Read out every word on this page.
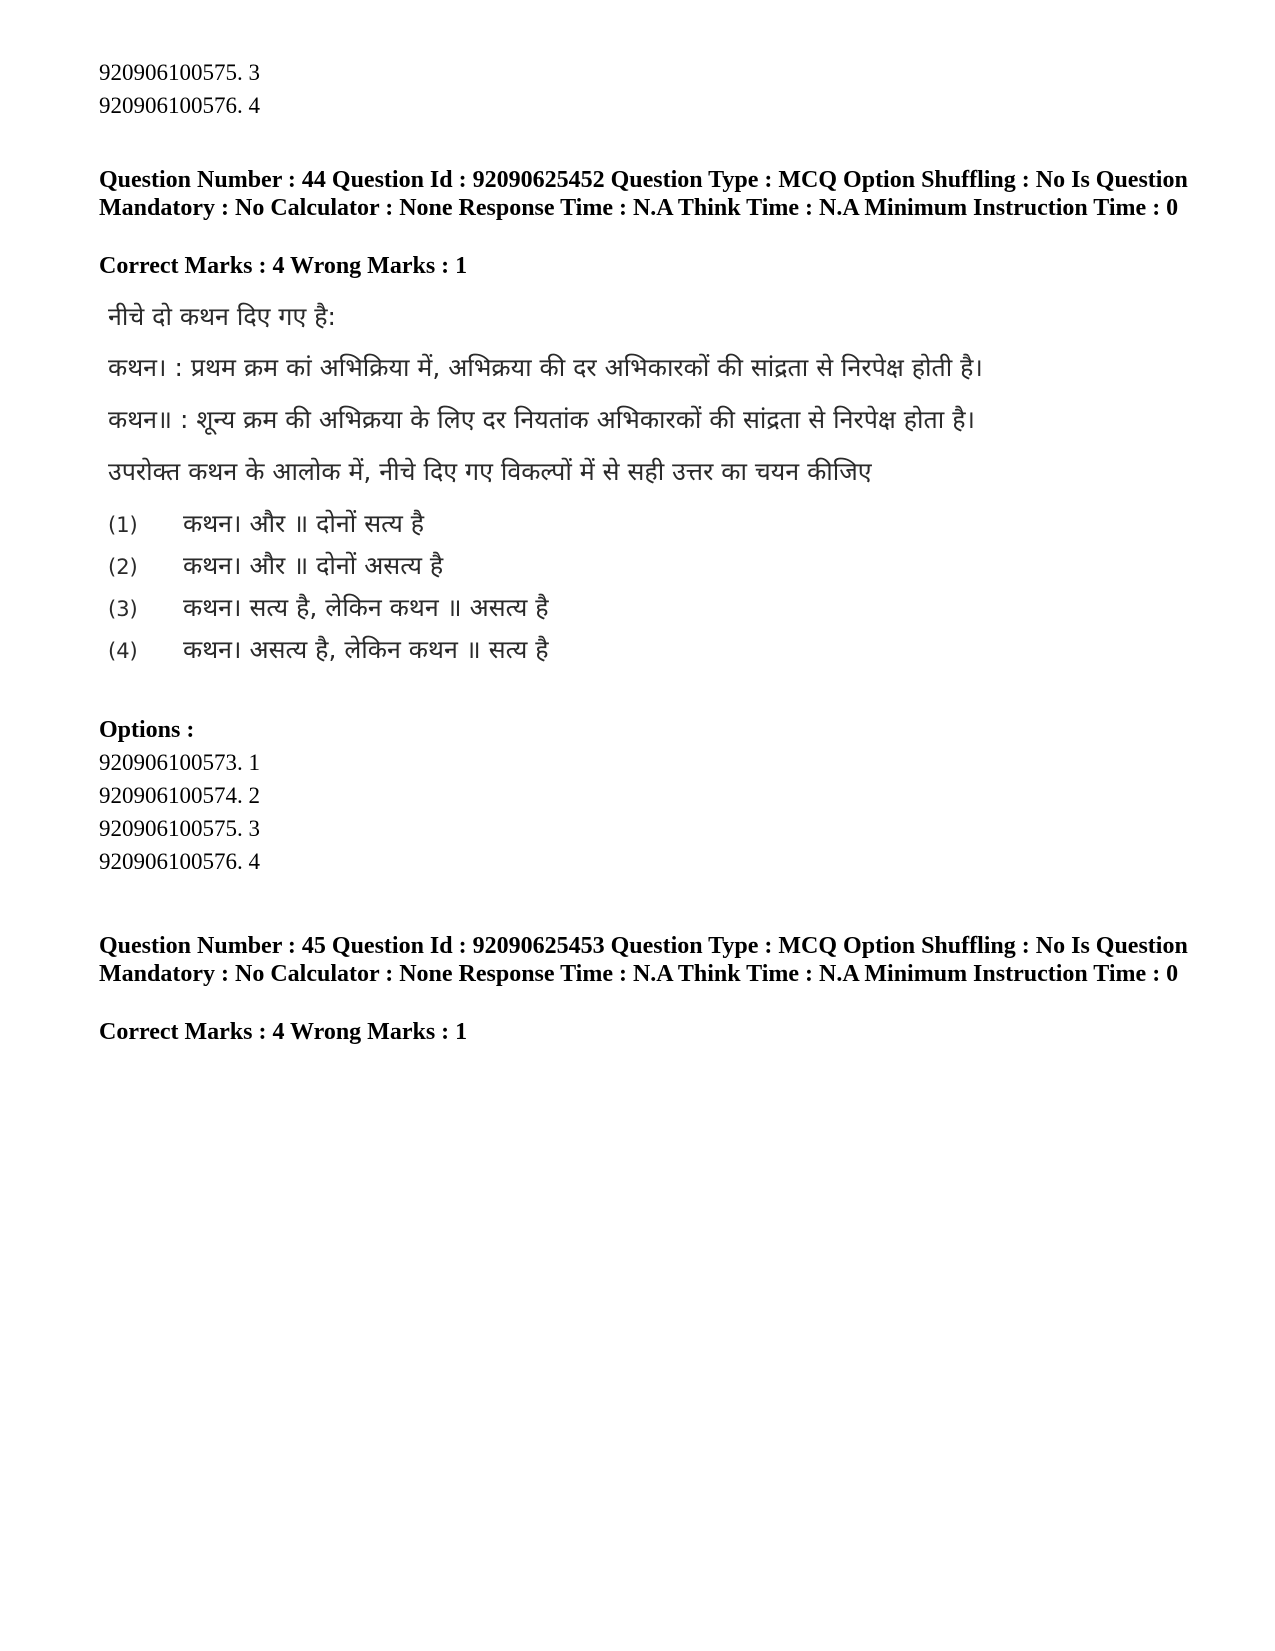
920906100575. 3

920906100576. 4

Question Number : 44 Question Id : 92090625452 Question Type : MCQ Option Shuffling : No Is Question Mandatory : No Calculator : None Response Time : N.A Think Time : N.A Minimum Instruction Time : 0

Correct Marks : 4 Wrong Marks : 1

नीचे दो कथन दिए गए है:

कथन। : प्रथम क्रम कां अभिक्रिया में, अभिक्रया की दर अभिकारकों की सांद्रता से निरपेक्ष होती है।

कथन॥ : शून्य क्रम की अभिक्रया के लिए दर नियतांक अभिकारकों की सांद्रता से निरपेक्ष होता है।

उपरोक्त कथन के आलोक में, नीचे दिए गए विकल्पों में से सही उत्तर का चयन कीजिए

(1) कथन। और ॥ दोनों सत्य है
(2) कथन। और ॥ दोनों असत्य है
(3) कथन। सत्य है, लेकिन कथन ॥ असत्य है
(4) कथन। असत्य है, लेकिन कथन ॥ सत्य है

Options :

920906100573. 1

920906100574. 2

920906100575. 3

920906100576. 4

Question Number : 45 Question Id : 92090625453 Question Type : MCQ Option Shuffling : No Is Question Mandatory : No Calculator : None Response Time : N.A Think Time : N.A Minimum Instruction Time : 0

Correct Marks : 4 Wrong Marks : 1
